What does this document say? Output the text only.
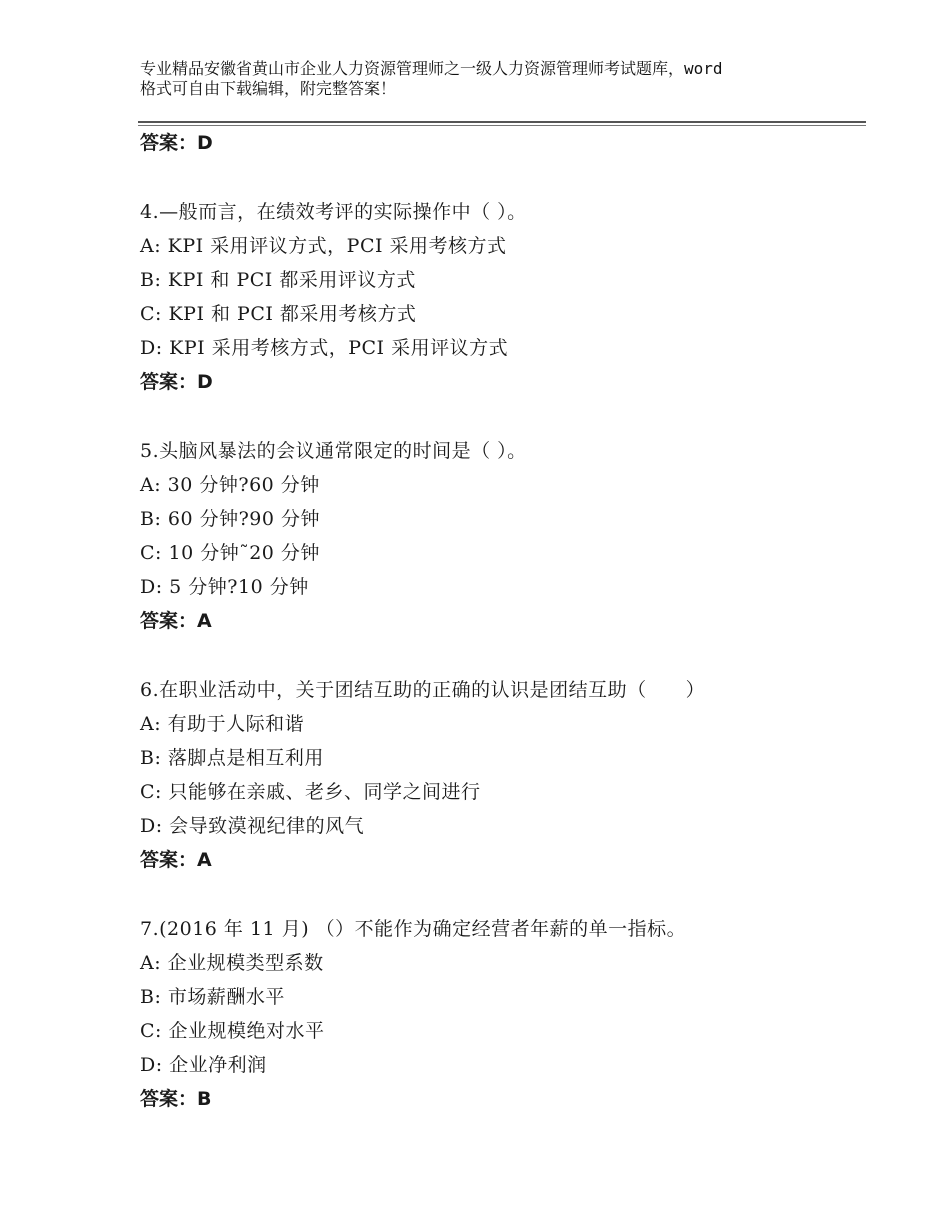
专业精品安徽省黄山市企业人力资源管理师之一级人力资源管理师考试题库，word
格式可自由下载编辑，附完整答案！
答案：D
4.—般而言，在绩效考评的实际操作中（ ）。
A: KPI 采用评议方式，PCI 采用考核方式
B: KPI 和 PCI 都采用评议方式
C: KPI 和 PCI 都采用考核方式
D: KPI 采用考核方式，PCI 采用评议方式
答案：D
5.头脑风暴法的会议通常限定的时间是（ ）。
A: 30 分钟?60 分钟
B: 60 分钟?90 分钟
C: 10 分钟˜20 分钟
D: 5 分钟?10 分钟
答案：A
6.在职业活动中，关于团结互助的正确的认识是团结互助（　　）
A: 有助于人际和谐
B: 落脚点是相互利用
C: 只能够在亲戚、老乡、同学之间进行
D: 会导致漠视纪律的风气
答案：A
7.(2016 年 11 月) （）不能作为确定经营者年薪的单一指标。
A: 企业规模类型系数
B: 市场薪酬水平
C: 企业规模绝对水平
D: 企业净利润
答案：B
